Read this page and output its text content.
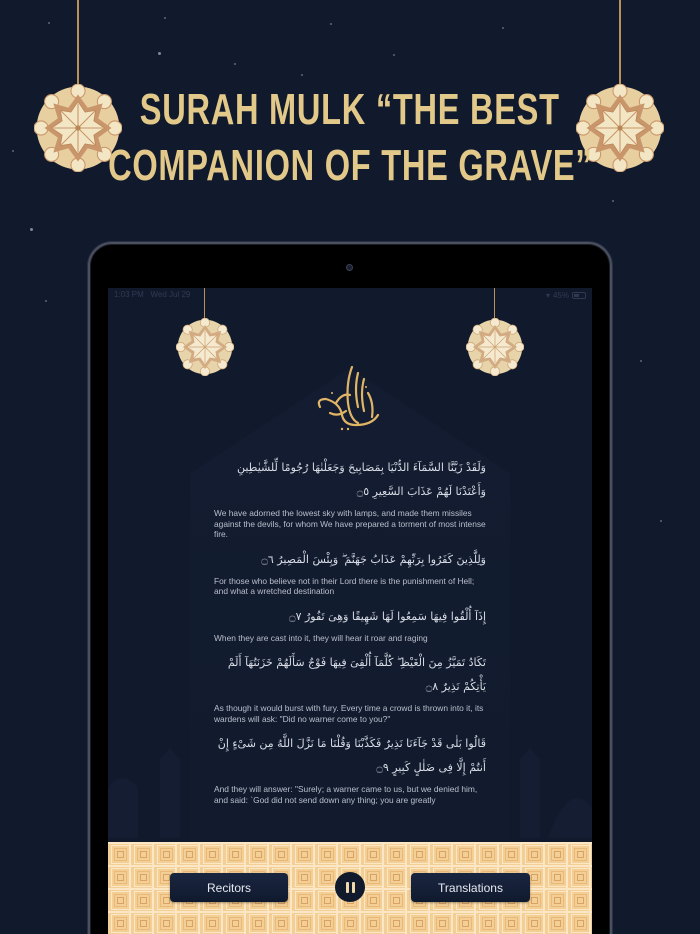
SURAH MULK “THE BEST
COMPANION OF THE GRAVE”
1:03 PM Wed Jul 29	▾ 45%
وَلَقَدْ زَيَّنَّا السَّمَآءَ الدُّنْيَا بِمَصَابِيحَ وَجَعَلْنٰهَا رُجُومًا لِّلشَّيٰطِينِ وَأَعْتَدْنَا لَهُمْ عَذَابَ السَّعِيرِ ۝٥
We have adorned the lowest sky with lamps, and made them missiles against the devils, for whom We have prepared a torment of most intense fire.
وَلِلَّذِينَ كَفَرُوا بِرَبِّهِمْ عَذَابُ جَهَنَّمَ ۖ وَبِئْسَ الْمَصِيرُ ۝٦
For those who believe not in their Lord there is the punishment of Hell; and what a wretched destination
إِذَآ أُلْقُوا فِيهَا سَمِعُوا لَهَا شَهِيقًا وَهِىَ تَفُورُ ۝٧
When they are cast into it, they will hear it roar and raging
تَكَادُ تَمَيَّزُ مِنَ الْغَيْظِ ۖ كُلَّمَآ أُلْقِىَ فِيهَا فَوْجٌ سَأَلَهُمْ خَزَنَتُهَآ أَلَمْ يَأْتِكُمْ نَذِيرٌ ۝٨
As though it would burst with fury. Every time a crowd is thrown into it, its wardens will ask: "Did no warner come to you?"
قَالُوا بَلٰى قَدْ جَآءَنَا نَذِيرٌ فَكَذَّبْنَا وَقُلْنَا مَا نَزَّلَ اللَّهُ مِن شَىْءٍ إِنْ أَنتُمْ إِلَّا فِى ضَلٰلٍ كَبِيرٍ ۝٩
And they will answer: "Surely; a warner came to us, but we denied him, and said: `God did not send down any thing; you are greatly
Recitors	Translations
